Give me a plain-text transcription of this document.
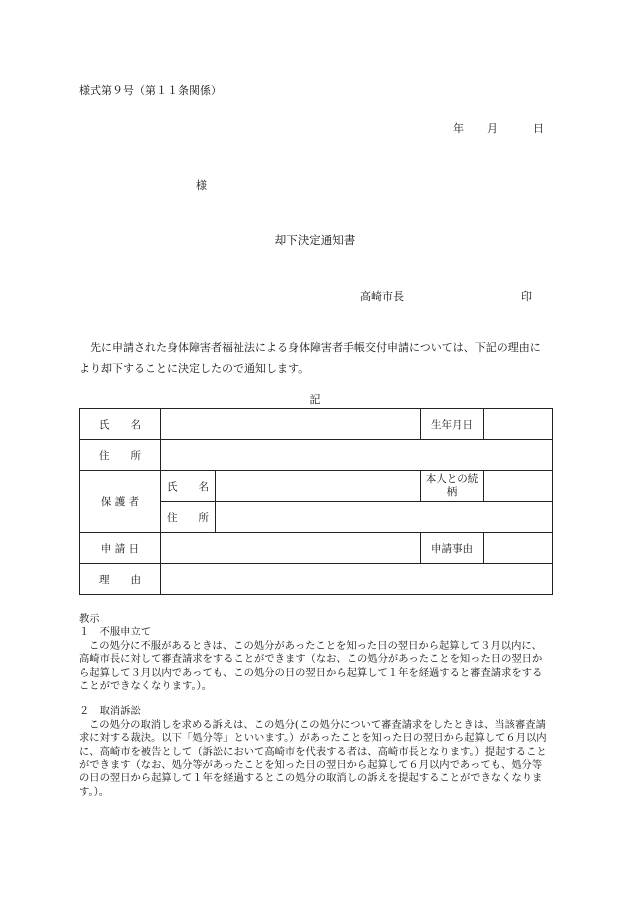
様式第９号（第１１条関係）
年 月	日
様
却下決定通知書
高崎市長	印
先に申請された身体障害者福祉法による身体障害者手帳交付申請については、下記の理由により却下することに決定したので通知します。
記
氏　　名			生年月日	
住　　所				
保 護 者	氏　　名		本人との続柄	
	住　　所			
申 請 日			申請事由	
理　　由				

教示

１　不服申立て

この処分に不服があるときは、この処分があったことを知った日の翌日から起算して３月以内に、高崎市長に対して審査請求をすることができます（なお、この処分があったことを知った日の翌日から起算して３月以内であっても、この処分の日の翌日から起算して１年を経過すると審査請求をすることができなくなります。）。

２　取消訴訟

この処分の取消しを求める訴えは、この処分(この処分について審査請求をしたときは、当該審査請求に対する裁決。以下「処分等」といいます。）があったことを知った日の翌日から起算して６月以内に、高崎市を被告として（訴訟において高崎市を代表する者は、高崎市長となります。）提起することができます（なお、処分等があったことを知った日の翌日から起算して６月以内であっても、処分等の日の翌日から起算して１年を経過するとこの処分の取消しの訴えを提起することができなくなります。）。
